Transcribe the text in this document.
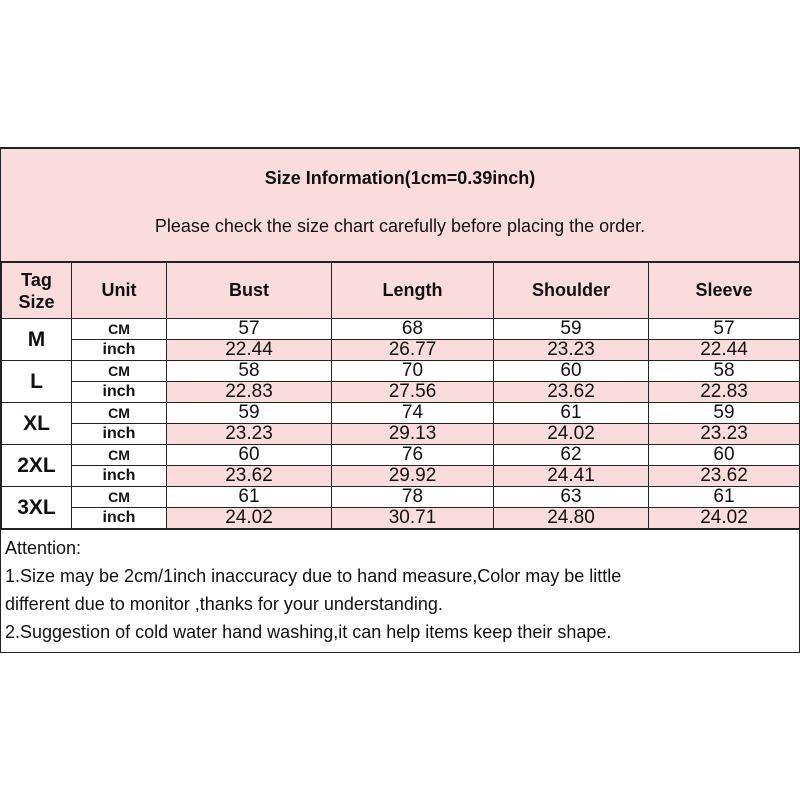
Size Information(1cm=0.39inch)
Please check the size chart carefully before placing the order.
Tag
Size	Unit	Bust	Length	Shoulder	Sleeve
M	CM	57	68	59	57
	inch	22.44	26.77	23.23	22.44
L	CM	58	70	60	58
	inch	22.83	27.56	23.62	22.83
XL	CM	59	74	61	59
	inch	23.23	29.13	24.02	23.23
2XL	CM	60	76	62	60
	inch	23.62	29.92	24.41	23.62
3XL	CM	61	78	63	61
	inch	24.02	30.71	24.80	24.02
Attention:
1.Size may be 2cm/1inch inaccuracy due to hand measure,Color may be little
different due to monitor ,thanks for your understanding.
2.Suggestion of cold water hand washing,it can help items keep their shape.
